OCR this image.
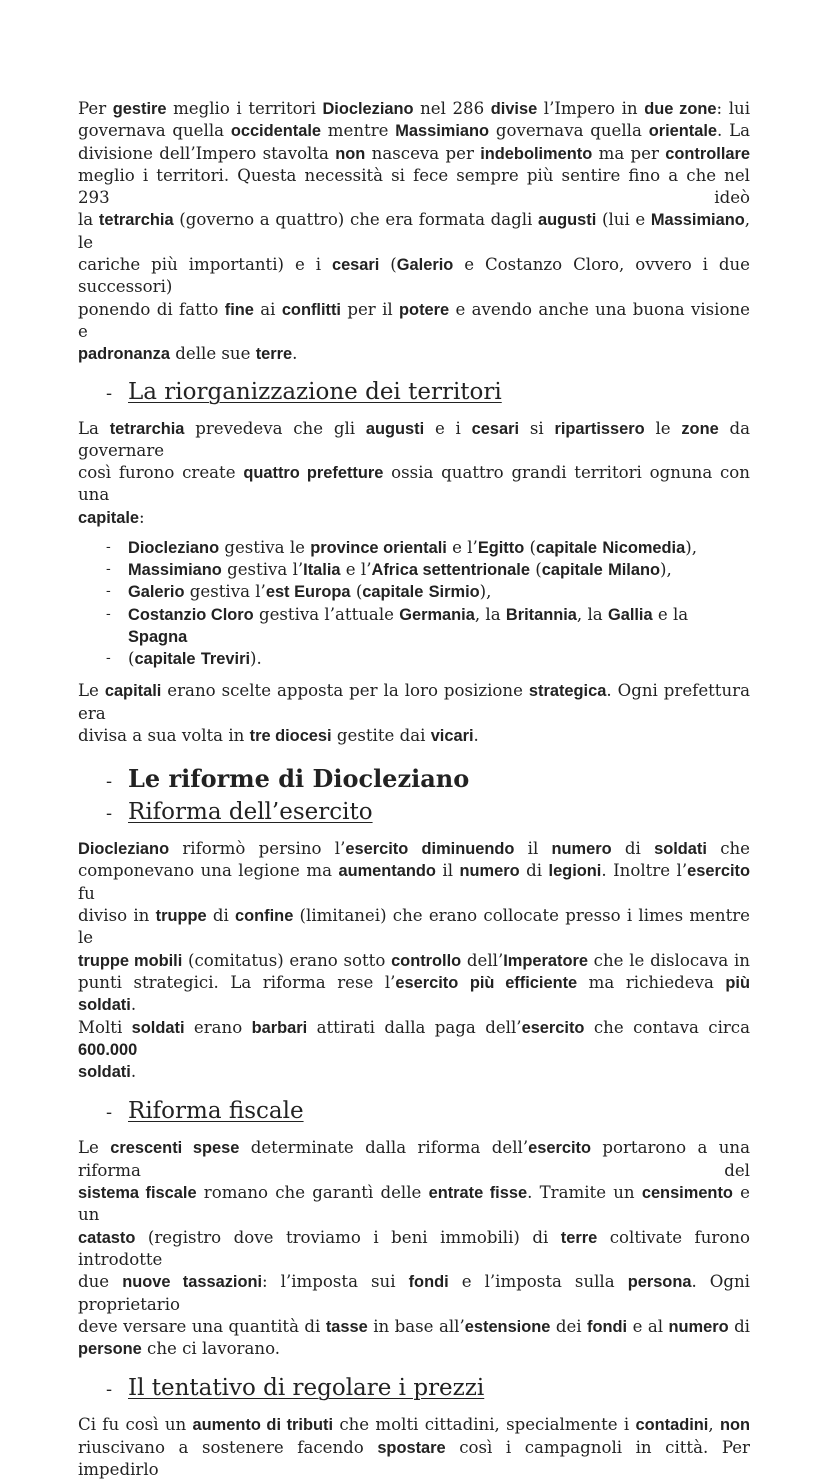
Per gestire meglio i territori Diocleziano nel 286 divise l’Impero in due zone: lui
governava quella occidentale mentre Massimiano governava quella orientale. La
divisione dell’Impero stavolta non nasceva per indebolimento ma per controllare
meglio i territori. Questa necessità si fece sempre più sentire fino a che nel 293 ideò
la tetrarchia (governo a quattro) che era formata dagli augusti (lui e Massimiano, le
cariche più importanti) e i cesari (Galerio e Costanzo Cloro, ovvero i due successori)
ponendo di fatto fine ai conflitti per il potere e avendo anche una buona visione e
padronanza delle sue terre.
- La riorganizzazione dei territori
La tetrarchia prevedeva che gli augusti e i cesari si ripartissero le zone da governare
così furono create quattro prefetture ossia quattro grandi territori ognuna con una
capitale:
-	Diocleziano gestiva le province orientali e l’Egitto (capitale Nicomedia),
-	Massimiano gestiva l’Italia e l’Africa settentrionale (capitale Milano),
-	Galerio gestiva l’est Europa (capitale Sirmio),
-	Costanzio Cloro gestiva l’attuale Germania, la Britannia, la Gallia e la Spagna
-	(capitale Treviri).
Le capitali erano scelte apposta per la loro posizione strategica. Ogni prefettura era
divisa a sua volta in tre diocesi gestite dai vicari.
- Le riforme di Diocleziano
- Riforma dell’esercito
Diocleziano riformò persino l’esercito diminuendo il numero di soldati che
componevano una legione ma aumentando il numero di legioni. Inoltre l’esercito fu
diviso in truppe di confine (limitanei) che erano collocate presso i limes mentre le
truppe mobili (comitatus) erano sotto controllo dell’Imperatore che le dislocava in
punti strategici. La riforma rese l’esercito più efficiente ma richiedeva più soldati.
Molti soldati erano barbari attirati dalla paga dell’esercito che contava circa 600.000
soldati.
- Riforma fiscale
Le crescenti spese determinate dalla riforma dell’esercito portarono a una riforma del
sistema fiscale romano che garantì delle entrate fisse. Tramite un censimento e un
catasto (registro dove troviamo i beni immobili) di terre coltivate furono introdotte
due nuove tassazioni: l’imposta sui fondi e l’imposta sulla persona. Ogni proprietario
deve versare una quantità di tasse in base all’estensione dei fondi e al numero di
persone che ci lavorano.
- Il tentativo di regolare i prezzi
Ci fu così un aumento di tributi che molti cittadini, specialmente i contadini, non
riuscivano a sostenere facendo spostare così i campagnoli in città. Per impedirlo
